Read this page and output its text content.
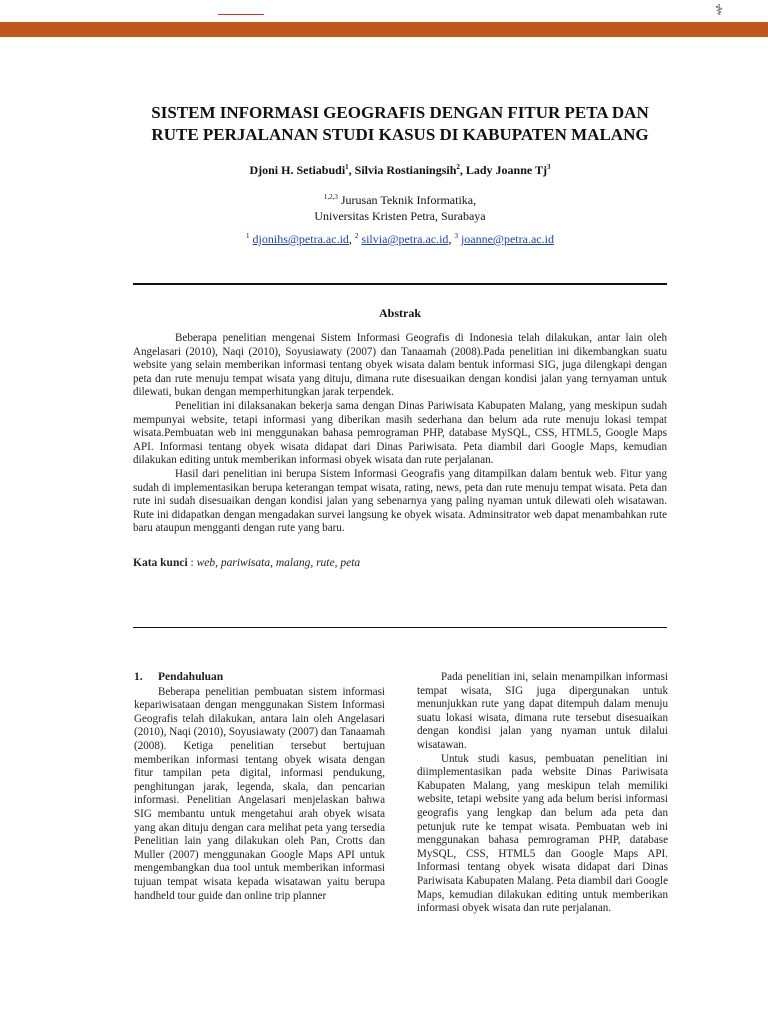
⚕
SISTEM INFORMASI GEOGRAFIS DENGAN FITUR PETA DAN
RUTE PERJALANAN STUDI KASUS DI KABUPATEN MALANG
Djoni H. Setiabudi$^1$, Silvia Rostianingsih$^2$, Lady Joanne Tj$^3$
$^{1,2,3}$ Jurusan Teknik Informatika,
Universitas Kristen Petra, Surabaya
$^1$ djonihs@petra.ac.id, $^2$ silvia@petra.ac.id, $^3$ joanne@petra.ac.id
Abstrak

Beberapa penelitian mengenai Sistem Informasi Geografis di Indonesia telah dilakukan, antar lain oleh Angelasari (2010), Naqi (2010), Soyusiawaty (2007) dan Tanaamah (2008).Pada penelitian ini dikembangkan suatu website yang selain memberikan informasi tentang obyek wisata dalam bentuk informasi SIG, juga dilengkapi dengan peta dan rute menuju tempat wisata yang dituju, dimana rute disesuaikan dengan kondisi jalan yang ternyaman untuk dilewati, bukan dengan memperhitungkan jarak terpendek.

Penelitian ini dilaksanakan bekerja sama dengan Dinas Pariwisata Kabupaten Malang, yang meskipun sudah mempunyai website, tetapi informasi yang diberikan masih sederhana dan belum ada rute menuju lokasi tempat wisata.Pembuatan web ini menggunakan bahasa pemrograman PHP, database MySQL, CSS, HTML5, Google Maps API. Informasi tentang obyek wisata didapat dari Dinas Pariwisata. Peta diambil dari Google Maps, kemudian dilakukan editing untuk memberikan informasi obyek wisata dan rute perjalanan.

Hasil dari penelitian ini berupa Sistem Informasi Geografis yang ditampilkan dalam bentuk web. Fitur yang sudah di implementasikan berupa keterangan tempat wisata, rating, news, peta dan rute menuju tempat wisata. Peta dan rute ini sudah disesuaikan dengan kondisi jalan yang sebenarnya yang paling nyaman untuk dilewati oleh wisatawan. Rute ini didapatkan dengan mengadakan survei langsung ke obyek wisata. Adminsitrator web dapat menambahkan rute baru ataupun mengganti dengan rute yang baru.

Kata kunci : web, pariwisata, malang, rute, peta
1. Pendahuluan

Beberapa penelitian pembuatan sistem informasi kepariwisataan dengan menggunakan Sistem Informasi Geografis telah dilakukan, antara lain oleh Angelasari (2010), Naqi (2010), Soyusiawaty (2007) dan Tanaamah (2008). Ketiga penelitian tersebut bertujuan memberikan informasi tentang obyek wisata dengan fitur tampilan peta digital, informasi pendukung, penghitungan jarak, legenda, skala, dan pencarian informasi. Penelitian Angelasari menjelaskan bahwa SIG membantu untuk mengetahui arah obyek wisata yang akan dituju dengan cara melihat peta yang tersedia Penelitian lain yang dilakukan oleh Pan, Crotts dan Muller (2007) menggunakan Google Maps API untuk mengembangkan dua tool untuk memberikan informasi tujuan tempat wisata kepada wisatawan yaitu berupa handheld tour guide dan online trip planner

Pada penelitian ini, selain menampilkan informasi tempat wisata, SIG juga dipergunakan untuk menunjukkan rute yang dapat ditempuh dalam menuju suatu lokasi wisata, dimana rute tersebut disesuaikan dengan kondisi jalan yang nyaman untuk dilalui wisatawan.

Untuk studi kasus, pembuatan penelitian ini diimplementasikan pada website Dinas Pariwisata Kabupaten Malang, yang meskipun telah memiliki website, tetapi website yang ada belum berisi informasi geografis yang lengkap dan belum ada peta dan petunjuk rute ke tempat wisata. Pembuatan web ini menggunakan bahasa pemrograman PHP, database MySQL, CSS, HTML5 dan Google Maps API. Informasi tentang obyek wisata didapat dari Dinas Pariwisata Kabupaten Malang. Peta diambil dari Google Maps, kemudian dilakukan editing untuk memberikan informasi obyek wisata dan rute perjalanan.
